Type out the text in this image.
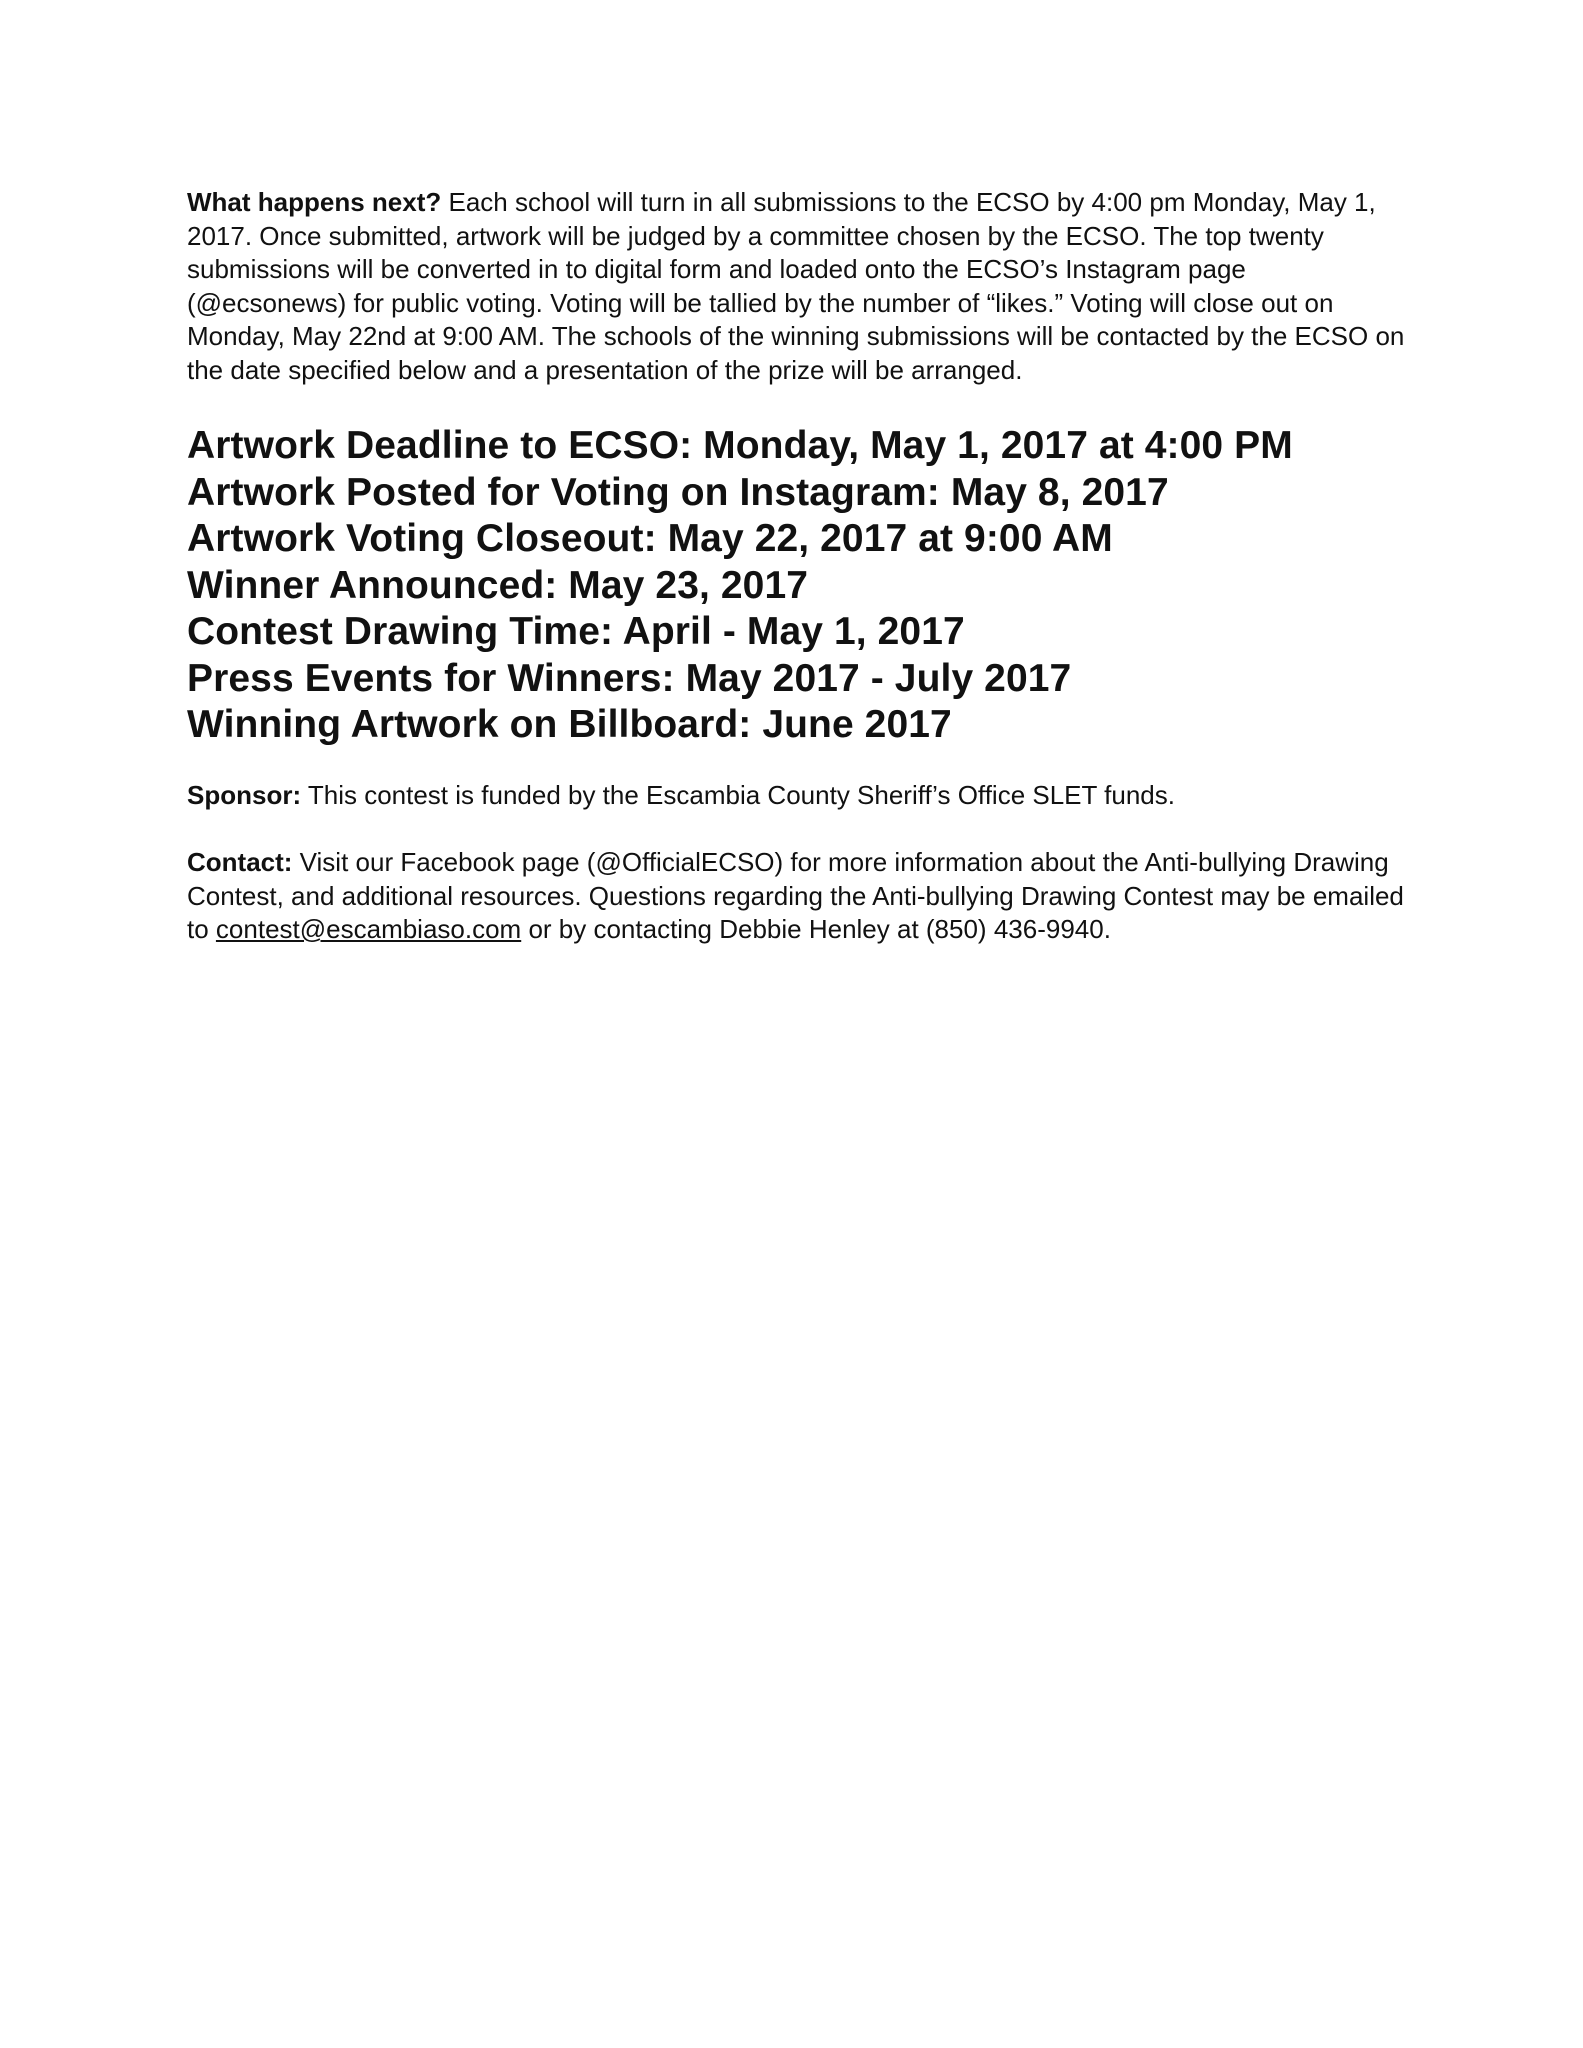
What happens next? Each school will turn in all submissions to the ECSO by 4:00 pm Monday, May 1, 2017. Once submitted, artwork will be judged by a committee chosen by the ECSO. The top twenty submissions will be converted in to digital form and loaded onto the ECSO’s Instagram page (@ecsonews) for public voting. Voting will be tallied by the number of “likes.” Voting will close out on Monday, May 22nd at 9:00 AM. The schools of the winning submissions will be contacted by the ECSO on the date specified below and a presentation of the prize will be arranged.

Artwork Deadline to ECSO: Monday, May 1, 2017 at 4:00 PM
Artwork Posted for Voting on Instagram: May 8, 2017
Artwork Voting Closeout: May 22, 2017 at 9:00 AM
Winner Announced: May 23, 2017
Contest Drawing Time: April - May 1, 2017
Press Events for Winners: May 2017 - July 2017
Winning Artwork on Billboard: June 2017

Sponsor: This contest is funded by the Escambia County Sheriff’s Office SLET funds.

Contact: Visit our Facebook page (@OfficialECSO) for more information about the Anti-bullying Drawing Contest, and additional resources. Questions regarding the Anti-bullying Drawing Contest may be emailed to contest@escambiaso.com or by contacting Debbie Henley at (850) 436-9940.
